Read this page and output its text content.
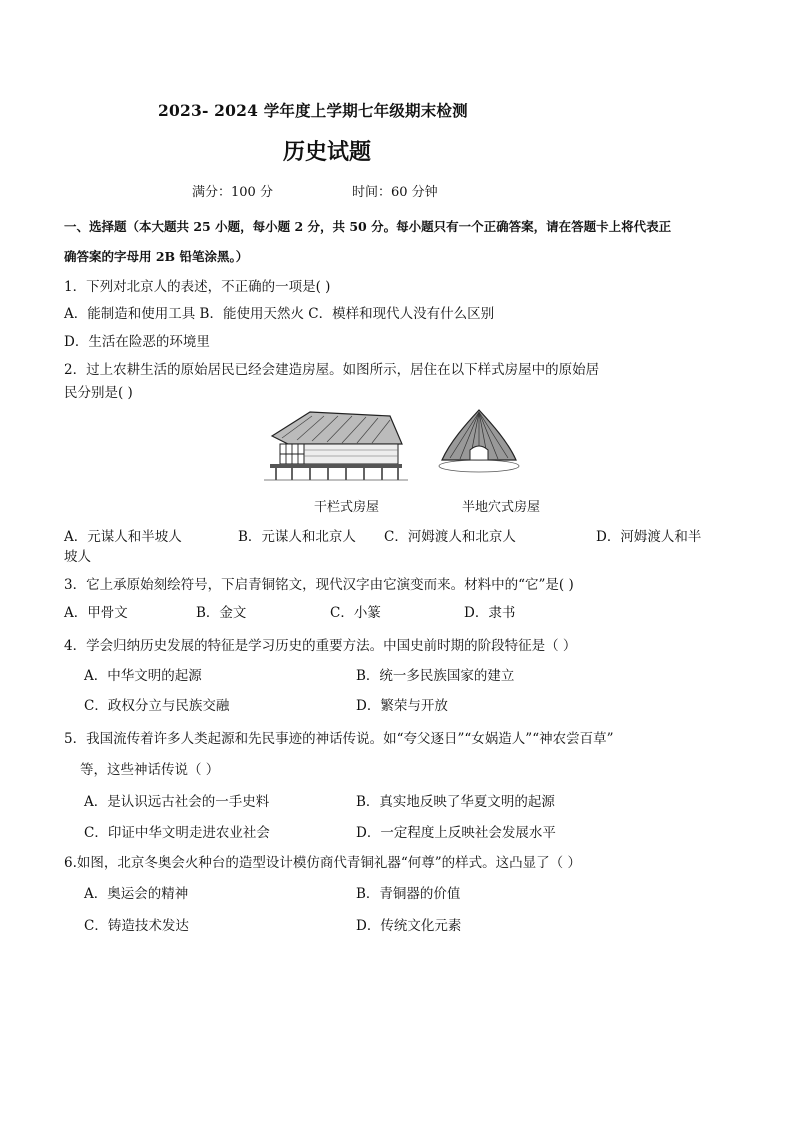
2023- 2024 学年度上学期七年级期末检测
历史试题
满分：100 分	时间：60 分钟
一、选择题（本大题共 25 小题，每小题 2 分，共 50 分。每小题只有一个正确答案，请在答题卡上将代表正
确答案的字母用 2B 铅笔涂黑。）
1．下列对北京人的表述，不正确的一项是( )
A．能制造和使用工具 B．能使用天然火 C．模样和现代人没有什么区别
D．生活在险恶的环境里
2．过上农耕生活的原始居民已经会建造房屋。如图所示，居住在以下样式房屋中的原始居
民分别是( )
干栏式房屋	半地穴式房屋
A．元谋人和半坡人	B．元谋人和北京人 C．河姆渡人和北京人	D．河姆渡人和半
坡人
3．它上承原始刻绘符号，下启青铜铭文，现代汉字由它演变而来。材料中的“它”是( )
A．甲骨文	B．金文	C．小篆	D．隶书
4．学会归纳历史发展的特征是学习历史的重要方法。中国史前时期的阶段特征是（ ）
A．中华文明的起源	B．统一多民族国家的建立
C．政权分立与民族交融	D．繁荣与开放
5．我国流传着许多人类起源和先民事迹的神话传说。如“夸父逐日”“女娲造人”“神农尝百草”
等，这些神话传说（ ）
A．是认识远古社会的一手史料	B．真实地反映了华夏文明的起源
C．印证中华文明走进农业社会	D．一定程度上反映社会发展水平
6.如图，北京冬奥会火种台的造型设计模仿商代青铜礼器“何尊”的样式。这凸显了（ ）
A．奥运会的精神	B．青铜器的价值
C．铸造技术发达	D．传统文化元素
